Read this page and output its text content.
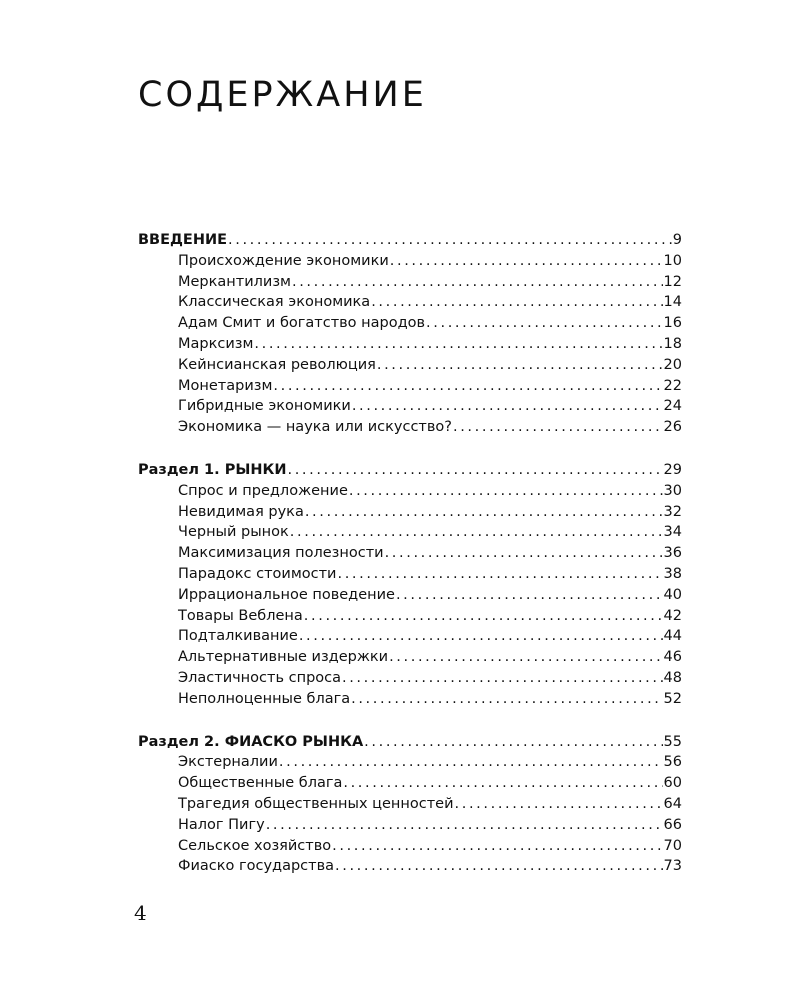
СОДЕРЖАНИЕ
ВВЕДЕНИЕ . . .	9
Происхождение экономики . . .	10
Меркантилизм . . .	12
Классическая экономика . . .	14
Адам Смит и богатство народов . . .	16
Марксизм . . .	18
Кейнсианская революция . . .	20
Монетаризм . . .	22
Гибридные экономики . . .	24
Экономика — наука или искусство? . . .	26
Раздел 1. РЫНКИ . . .	29
Спрос и предложение . . .	30
Невидимая рука . . .	32
Черный рынок . . .	34
Максимизация полезности . . .	36
Парадокс стоимости . . .	38
Иррациональное поведение . . .	40
Товары Веблена . . .	42
Подталкивание . . .	44
Альтернативные издержки . . .	46
Эластичность спроса . . .	48
Неполноценные блага . . .	52
Раздел 2. ФИАСКО РЫНКА . . .	55
Экстерналии . . .	56
Общественные блага . . .	60
Трагедия общественных ценностей . . .	64
Налог Пигу . . .	66
Сельское хозяйство . . .	70
Фиаско государства . . .	73
4
